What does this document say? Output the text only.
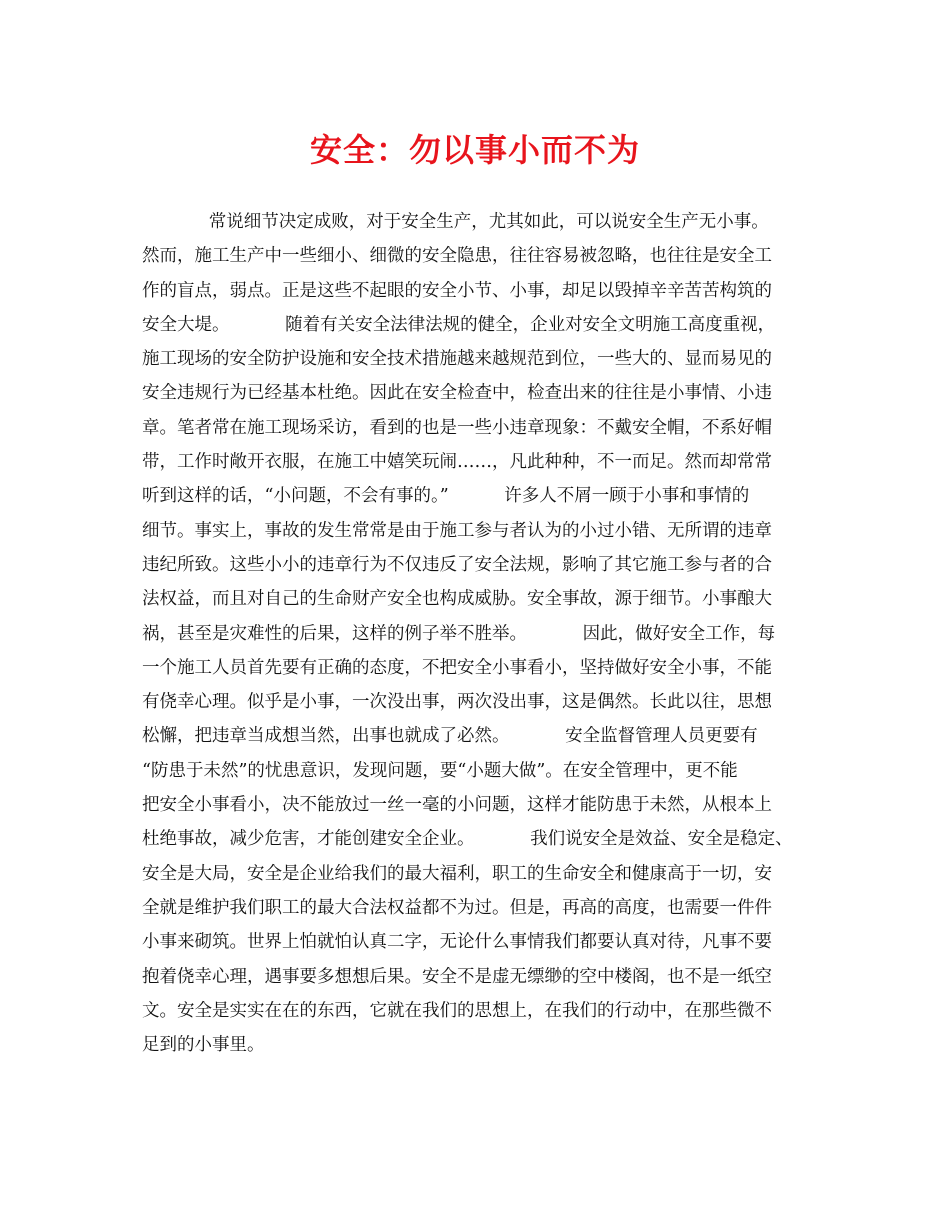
安全：勿以事小而不为
常说细节决定成败，对于安全生产，尤其如此，可以说安全生产无小事。
然而，施工生产中一些细小、细微的安全隐患，往往容易被忽略，也往往是安全工
作的盲点，弱点。正是这些不起眼的安全小节、小事，却足以毁掉辛辛苦苦构筑的
安全大堤。          随着有关安全法律法规的健全，企业对安全文明施工高度重视，
施工现场的安全防护设施和安全技术措施越来越规范到位，一些大的、显而易见的
安全违规行为已经基本杜绝。因此在安全检查中，检查出来的往往是小事情、小违
章。笔者常在施工现场采访，看到的也是一些小违章现象：不戴安全帽，不系好帽
带，工作时敞开衣服，在施工中嬉笑玩闹……，凡此种种，不一而足。然而却常常
听到这样的话，“小问题，不会有事的。”          许多人不屑一顾于小事和事情的
细节。事实上，事故的发生常常是由于施工参与者认为的小过小错、无所谓的违章
违纪所致。这些小小的违章行为不仅违反了安全法规，影响了其它施工参与者的合
法权益，而且对自己的生命财产安全也构成威胁。安全事故，源于细节。小事酿大
祸，甚至是灾难性的后果，这样的例子举不胜举。          因此，做好安全工作，每
一个施工人员首先要有正确的态度，不把安全小事看小，坚持做好安全小事，不能
有侥幸心理。似乎是小事，一次没出事，两次没出事，这是偶然。长此以往，思想
松懈，把违章当成想当然，出事也就成了必然。          安全监督管理人员更要有
“防患于未然”的忧患意识，发现问题，要“小题大做”。在安全管理中，更不能
把安全小事看小，决不能放过一丝一毫的小问题，这样才能防患于未然，从根本上
杜绝事故，减少危害，才能创建安全企业。          我们说安全是效益、安全是稳定、
安全是大局，安全是企业给我们的最大福利，职工的生命安全和健康高于一切，安
全就是维护我们职工的最大合法权益都不为过。但是，再高的高度，也需要一件件
小事来砌筑。世界上怕就怕认真二字，无论什么事情我们都要认真对待，凡事不要
抱着侥幸心理，遇事要多想想后果。安全不是虚无缥缈的空中楼阁，也不是一纸空
文。安全是实实在在的东西，它就在我们的思想上，在我们的行动中，在那些微不
足到的小事里。
